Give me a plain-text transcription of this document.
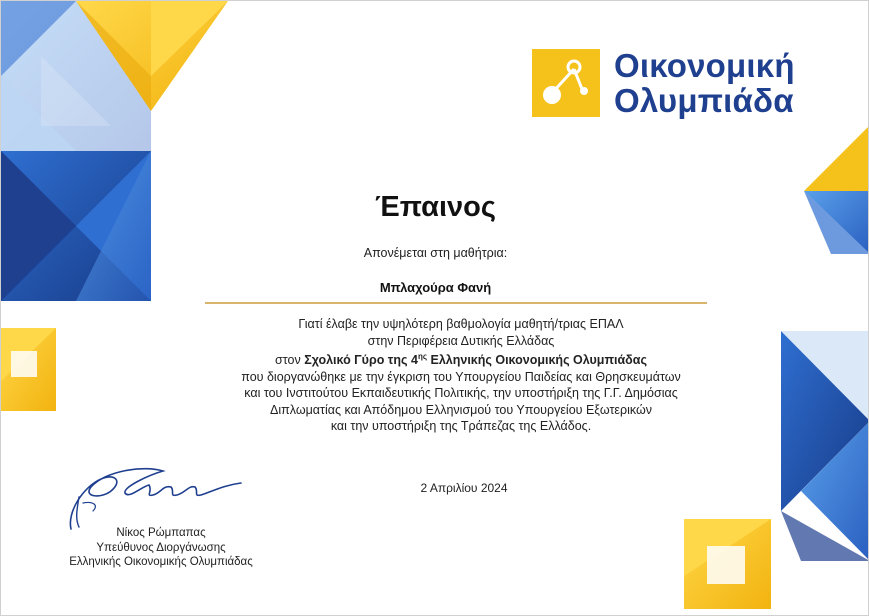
Οικονομική
Ολυμπιάδα
Έπαινος
Απονέμεται στη μαθήτρια:
Μπλαχούρα Φανή
Γιατί έλαβε την υψηλότερη βαθμολογία μαθητή/τριας ΕΠΑΛ
στην Περιφέρεια Δυτικής Ελλάδας
στον Σχολικό Γύρο της $4^{\eta\varsigma}$ Ελληνικής Οικονομικής Ολυμπιάδας
που διοργανώθηκε με την έγκριση του Υπουργείου Παιδείας και Θρησκευμάτων
και του Ινστιτούτου Εκπαιδευτικής Πολιτικής, την υποστήριξη της Γ.Γ. Δημόσιας
Διπλωματίας και Απόδημου Ελληνισμού του Υπουργείου Εξωτερικών
και την υποστήριξη της Τράπεζας της Ελλάδος.
2 Απριλίου 2024
Νίκος Ρώμπαπας
Υπεύθυνος Διοργάνωσης
Ελληνικής Οικονομικής Ολυμπιάδας
